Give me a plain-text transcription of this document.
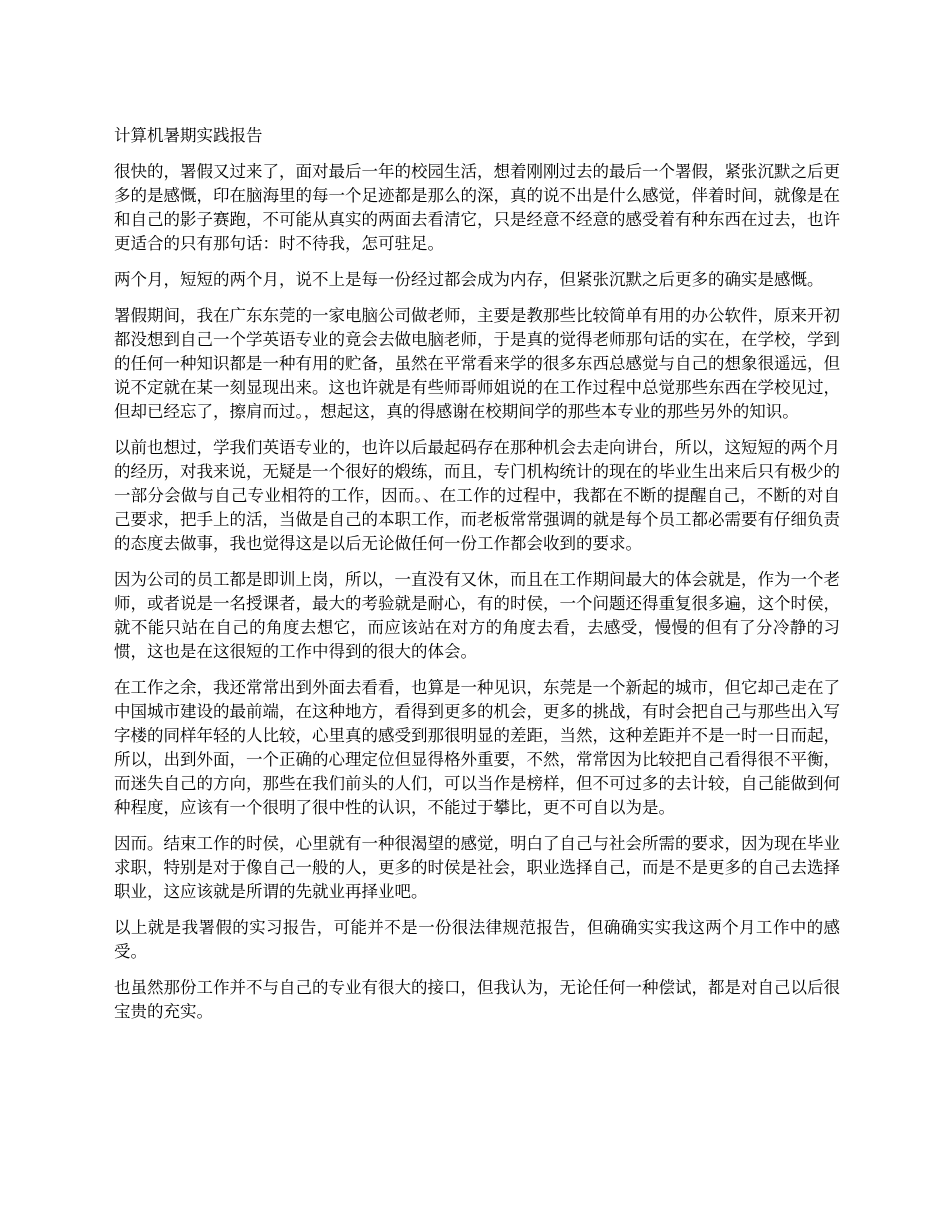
计算机暑期实践报告

很快的，署假又过来了，面对最后一年的校园生活，想着刚刚过去的最后一个署假，紧张沉默之后更多的是感慨，印在脑海里的每一个足迹都是那么的深，真的说不出是什么感觉，伴着时间，就像是在和自己的影子赛跑，不可能从真实的两面去看清它，只是经意不经意的感受着有种东西在过去，也许更适合的只有那句话：时不待我，怎可驻足。

两个月，短短的两个月，说不上是每一份经过都会成为内存，但紧张沉默之后更多的确实是感慨。

署假期间，我在广东东莞的一家电脑公司做老师，主要是教那些比较简单有用的办公软件，原来开初都没想到自己一个学英语专业的竟会去做电脑老师，于是真的觉得老师那句话的实在，在学校，学到的任何一种知识都是一种有用的贮备，虽然在平常看来学的很多东西总感觉与自己的想象很遥远，但说不定就在某一刻显现出来。这也许就是有些师哥师姐说的在工作过程中总觉那些东西在学校见过，但却已经忘了，擦肩而过。，想起这，真的得感谢在校期间学的那些本专业的那些另外的知识。

以前也想过，学我们英语专业的，也许以后最起码存在那种机会去走向讲台，所以，这短短的两个月的经历，对我来说，无疑是一个很好的煅练，而且，专门机构统计的现在的毕业生出来后只有极少的一部分会做与自己专业相符的工作，因而。、在工作的过程中，我都在不断的提醒自己，不断的对自己要求，把手上的活，当做是自己的本职工作，而老板常常强调的就是每个员工都必需要有仔细负责的态度去做事，我也觉得这是以后无论做任何一份工作都会收到的要求。

因为公司的员工都是即训上岗，所以，一直没有又休，而且在工作期间最大的体会就是，作为一个老师，或者说是一名授课者，最大的考验就是耐心，有的时侯，一个问题还得重复很多遍，这个时侯，就不能只站在自己的角度去想它，而应该站在对方的角度去看，去感受，慢慢的但有了分冷静的习惯，这也是在这很短的工作中得到的很大的体会。

在工作之余，我还常常出到外面去看看，也算是一种见识，东莞是一个新起的城市，但它却己走在了中国城市建设的最前端，在这种地方，看得到更多的机会，更多的挑战，有时会把自己与那些出入写字楼的同样年轻的人比较，心里真的感受到那很明显的差距，当然，这种差距并不是一时一日而起，所以，出到外面，一个正确的心理定位但显得格外重要，不然，常常因为比较把自己看得很不平衡，而迷失自己的方向，那些在我们前头的人们，可以当作是榜样，但不可过多的去计较，自己能做到何种程度，应该有一个很明了很中性的认识，不能过于攀比，更不可自以为是。

因而。结束工作的时侯，心里就有一种很渴望的感觉，明白了自己与社会所需的要求，因为现在毕业求职，特别是对于像自己一般的人，更多的时侯是社会，职业选择自己，而是不是更多的自己去选择职业，这应该就是所谓的先就业再择业吧。

以上就是我署假的实习报告，可能并不是一份很法律规范报告，但确确实实我这两个月工作中的感受。

也虽然那份工作并不与自己的专业有很大的接口，但我认为，无论任何一种偿试，都是对自己以后很宝贵的充实。
